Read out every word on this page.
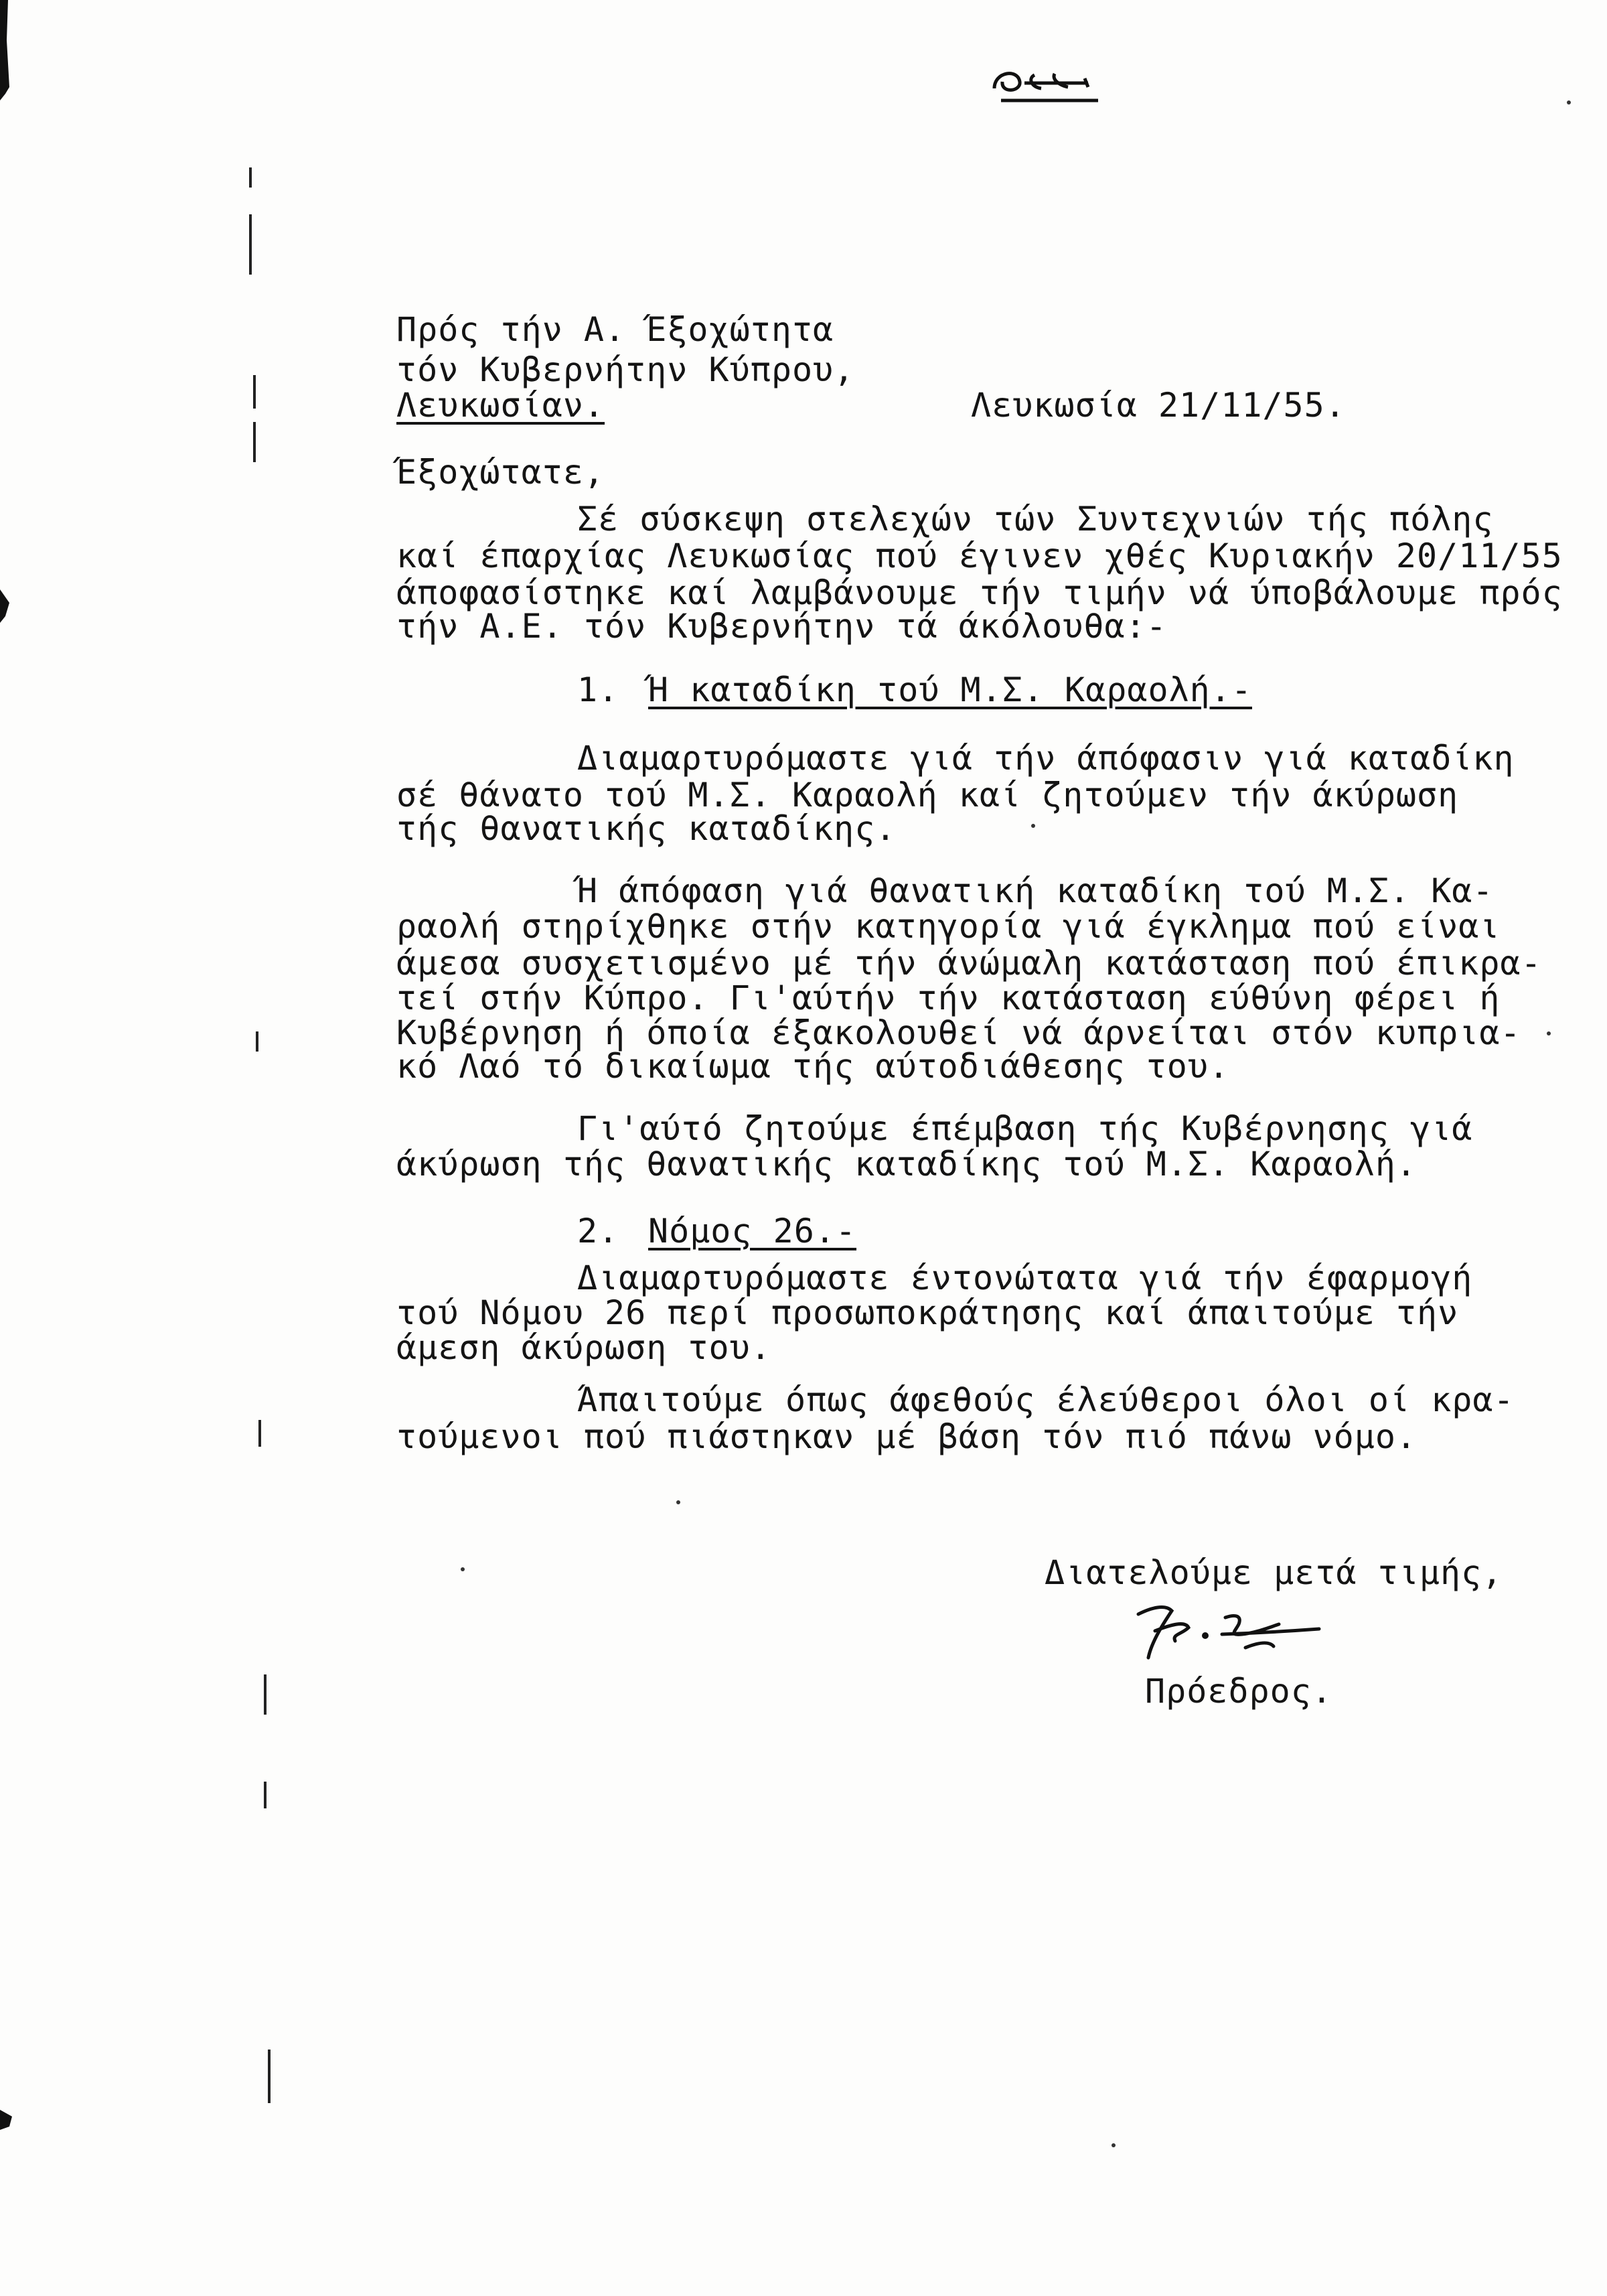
Πρός τήν Α. Έξοχώτητα
τόν Κυβερνήτην Κύπρου,
Λευκωσίαν.	Λευκωσία 21/11/55.
Έξοχώτατε,
Σέ σύσκεψη στελεχών τών Συντεχνιών τής πόλης
καί έπαρχίας Λευκωσίας πού έγινεν χθές Κυριακήν 20/11/55
άποφασίστηκε καί λαμβάνουμε τήν τιμήν νά ύποβάλουμε πρός
τήν Α.Ε. τόν Κυβερνήτην τά άκόλουθα:-
1. Ή καταδίκη τού Μ.Σ. Καραολή.-
Διαμαρτυρόμαστε γιά τήν άπόφασιν γιά καταδίκη
σέ θάνατο τού Μ.Σ. Καραολή καί ζητούμεν τήν άκύρωση
τής θανατικής καταδίκης.
Ή άπόφαση γιά θανατική καταδίκη τού Μ.Σ. Κα-
ραολή στηρίχθηκε στήν κατηγορία γιά έγκλημα πού είναι
άμεσα συσχετισμένο μέ τήν άνώμαλη κατάσταση πού έπικρα-
τεί στήν Κύπρο. Γι'αύτήν τήν κατάσταση εύθύνη φέρει ή
Κυβέρνηση ή όποία έξακολουθεί νά άρνείται στόν κυπρια-
κό Λαό τό δικαίωμα τής αύτοδιάθεσης του.
Γι'αύτό ζητούμε έπέμβαση τής Κυβέρνησης γιά
άκύρωση τής θανατικής καταδίκης τού Μ.Σ. Καραολή.
2. Νόμος 26.-
Διαμαρτυρόμαστε έντονώτατα γιά τήν έφαρμογή
τού Νόμου 26 περί προσωποκράτησης καί άπαιτούμε τήν
άμεση άκύρωση του.
Άπαιτούμε όπως άφεθούς έλεύθεροι όλοι οί κρα-
τούμενοι πού πιάστηκαν μέ βάση τόν πιό πάνω νόμο.
Διατελούμε μετά τιμής,
Πρόεδρος.
